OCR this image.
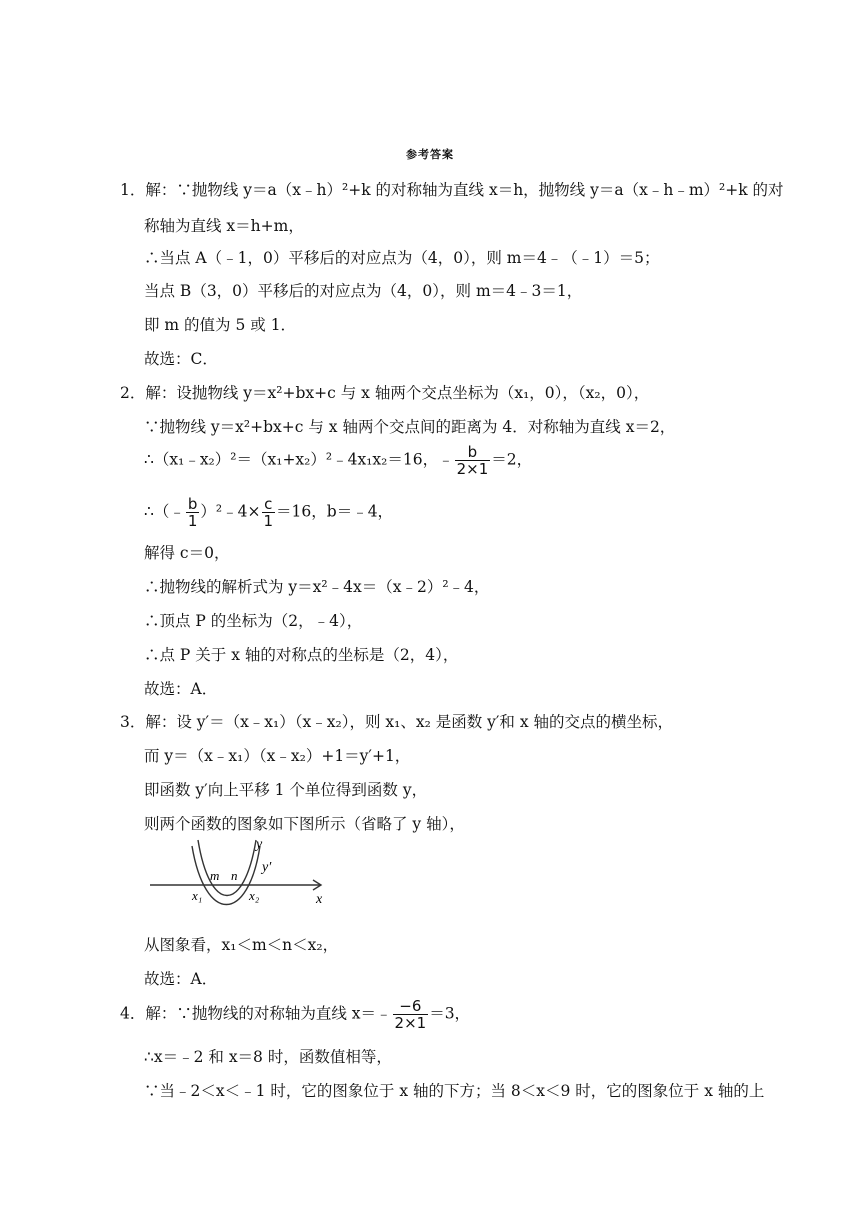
参考答案
1．解：∵抛物线 y＝a（x﹣h）²+k 的对称轴为直线 x＝h，抛物线 y＝a（x﹣h﹣m）²+k 的对
称轴为直线 x＝h+m，
∴当点 A（﹣1，0）平移后的对应点为（4，0），则 m＝4﹣（﹣1）＝5；
当点 B（3，0）平移后的对应点为（4，0），则 m＝4﹣3＝1，
即 m 的值为 5 或 1．
故选：C．
2．解：设抛物线 y＝x²+bx+c 与 x 轴两个交点坐标为（x₁，0），（x₂，0），
∵抛物线 y＝x²+bx+c 与 x 轴两个交点间的距离为 4．对称轴为直线 x＝2，
∴（x₁﹣x₂）²＝（x₁+x₂）²﹣4x₁x₂＝16，﹣ $\frac{b}{2\times 1} =2$，
∴（﹣ $\frac{b}{1}$ ）²﹣4× $\frac{c}{1} =16$，b＝﹣4，
解得 c＝0，
∴抛物线的解析式为 y＝x²﹣4x＝（x﹣2）²﹣4，
∴顶点 P 的坐标为（2，﹣4），
∴点 P 关于 x 轴的对称点的坐标是（2，4），
故选：A．
3．解：设 y′＝（x﹣x₁）（x﹣x₂），则 x₁、x₂ 是函数 y′和 x 轴的交点的横坐标，
而 y＝（x﹣x₁）（x﹣x₂）+1＝y′+1，
即函数 y′向上平移 1 个单位得到函数 y，
则两个函数的图象如下图所示（省略了 y 轴），
y
y′
m n
x₁	x₂	x
从图象看，x₁＜m＜n＜x₂，
故选：A．
4．解：∵抛物线的对称轴为直线 x＝﹣ $\frac{-6}{2\times 1} =3$，
∴x＝﹣2 和 x＝8 时，函数值相等，
∵当﹣2＜x＜﹣1 时，它的图象位于 x 轴的下方；当 8＜x＜9 时，它的图象位于 x 轴的上
